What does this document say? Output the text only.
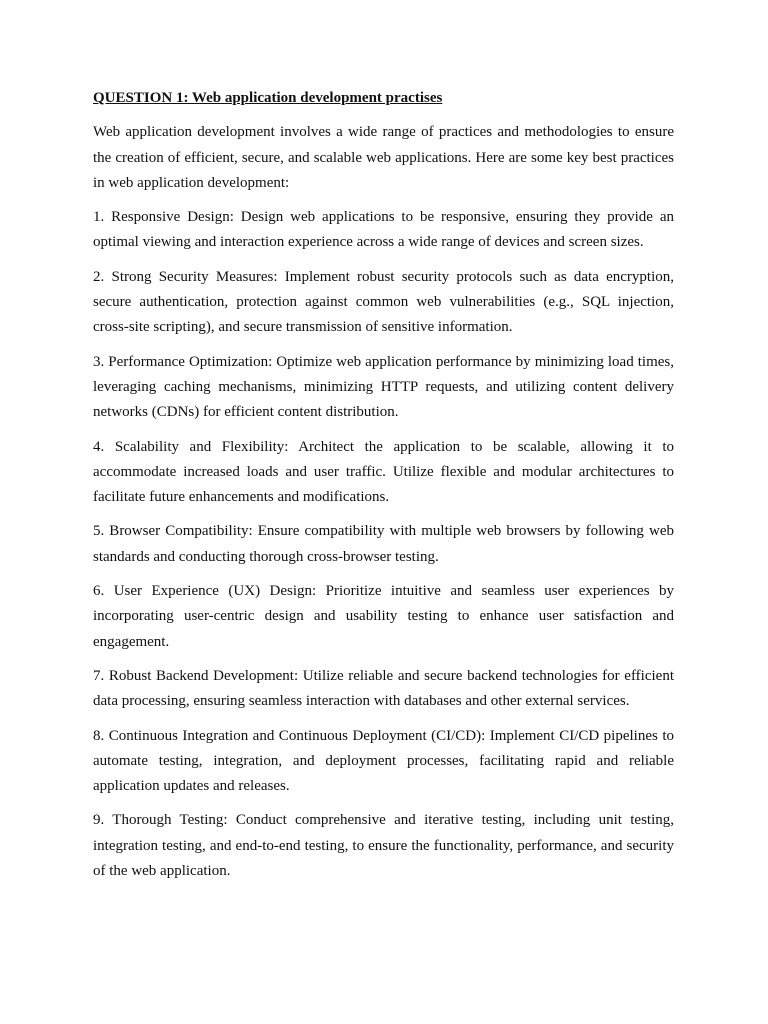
QUESTION 1: Web application development practises

Web application development involves a wide range of practices and methodologies to ensure the creation of efficient, secure, and scalable web applications. Here are some key best practices in web application development:

1. Responsive Design: Design web applications to be responsive, ensuring they provide an optimal viewing and interaction experience across a wide range of devices and screen sizes.

2. Strong Security Measures: Implement robust security protocols such as data encryption, secure authentication, protection against common web vulnerabilities (e.g., SQL injection, cross-site scripting), and secure transmission of sensitive information.

3. Performance Optimization: Optimize web application performance by minimizing load times, leveraging caching mechanisms, minimizing HTTP requests, and utilizing content delivery networks (CDNs) for efficient content distribution.

4. Scalability and Flexibility: Architect the application to be scalable, allowing it to accommodate increased loads and user traffic. Utilize flexible and modular architectures to facilitate future enhancements and modifications.

5. Browser Compatibility: Ensure compatibility with multiple web browsers by following web standards and conducting thorough cross-browser testing.

6. User Experience (UX) Design: Prioritize intuitive and seamless user experiences by incorporating user-centric design and usability testing to enhance user satisfaction and engagement.

7. Robust Backend Development: Utilize reliable and secure backend technologies for efficient data processing, ensuring seamless interaction with databases and other external services.

8. Continuous Integration and Continuous Deployment (CI/CD): Implement CI/CD pipelines to automate testing, integration, and deployment processes, facilitating rapid and reliable application updates and releases.

9. Thorough Testing: Conduct comprehensive and iterative testing, including unit testing, integration testing, and end-to-end testing, to ensure the functionality, performance, and security of the web application.
